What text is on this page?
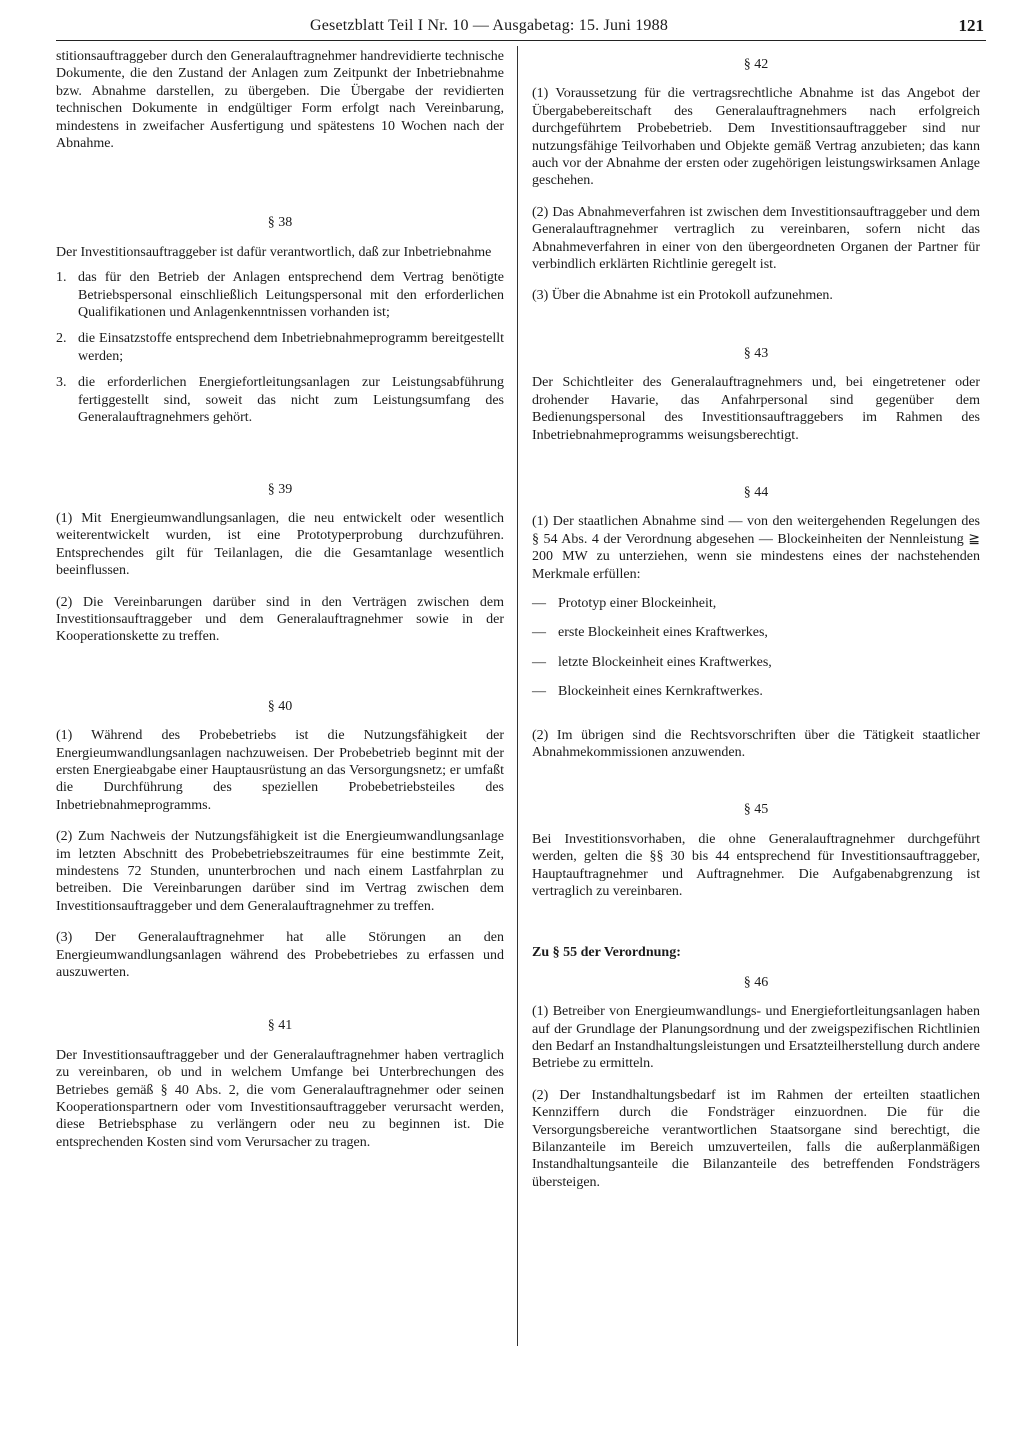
Gesetzblatt Teil I Nr. 10 — Ausgabetag: 15. Juni 1988	121

stitionsauftraggeber durch den Generalauftragnehmer handrevidierte technische Dokumente, die den Zustand der Anlagen zum Zeitpunkt der Inbetriebnahme bzw. Abnahme darstellen, zu übergeben. Die Übergabe der revidierten technischen Dokumente in endgültiger Form erfolgt nach Vereinbarung, mindestens in zweifacher Ausfertigung und spätestens 10 Wochen nach der Abnahme.

§ 38

Der Investitionsauftraggeber ist dafür verantwortlich, daß zur Inbetriebnahme

1. das für den Betrieb der Anlagen entsprechend dem Vertrag benötigte Betriebspersonal einschließlich Leitungspersonal mit den erforderlichen Qualifikationen und Anlagenkenntnissen vorhanden ist;
2. die Einsatzstoffe entsprechend dem Inbetriebnahmeprogramm bereitgestellt werden;
3. die erforderlichen Energiefortleitungsanlagen zur Leistungsabführung fertiggestellt sind, soweit das nicht zum Leistungsumfang des Generalauftragnehmers gehört.

§ 39

(1) Mit Energieumwandlungsanlagen, die neu entwickelt oder wesentlich weiterentwickelt wurden, ist eine Prototyperprobung durchzuführen. Entsprechendes gilt für Teilanlagen, die die Gesamtanlage wesentlich beeinflussen.

(2) Die Vereinbarungen darüber sind in den Verträgen zwischen dem Investitionsauftraggeber und dem Generalauftragnehmer sowie in der Kooperationskette zu treffen.

§ 40

(1) Während des Probebetriebs ist die Nutzungsfähigkeit der Energieumwandlungsanlagen nachzuweisen. Der Probebetrieb beginnt mit der ersten Energieabgabe einer Hauptausrüstung an das Versorgungsnetz; er umfaßt die Durchführung des speziellen Probebetriebsteiles des Inbetriebnahmeprogramms.

(2) Zum Nachweis der Nutzungsfähigkeit ist die Energieumwandlungsanlage im letzten Abschnitt des Probebetriebszeitraumes für eine bestimmte Zeit, mindestens 72 Stunden, ununterbrochen und nach einem Lastfahrplan zu betreiben. Die Vereinbarungen darüber sind im Vertrag zwischen dem Investitionsauftraggeber und dem Generalauftragnehmer zu treffen.

(3) Der Generalauftragnehmer hat alle Störungen an den Energieumwandlungsanlagen während des Probebetriebes zu erfassen und auszuwerten.

§ 41

Der Investitionsauftraggeber und der Generalauftragnehmer haben vertraglich zu vereinbaren, ob und in welchem Umfange bei Unterbrechungen des Betriebes gemäß § 40 Abs. 2, die vom Generalauftragnehmer oder seinen Kooperationspartnern oder vom Investitionsauftraggeber verursacht werden, diese Betriebsphase zu verlängern oder neu zu beginnen ist. Die entsprechenden Kosten sind vom Verursacher zu tragen.

§ 42

(1) Voraussetzung für die vertragsrechtliche Abnahme ist das Angebot der Übergabebereitschaft des Generalauftragnehmers nach erfolgreich durchgeführtem Probebetrieb. Dem Investitionsauftraggeber sind nur nutzungsfähige Teilvorhaben und Objekte gemäß Vertrag anzubieten; das kann auch vor der Abnahme der ersten oder zugehörigen leistungswirksamen Anlage geschehen.

(2) Das Abnahmeverfahren ist zwischen dem Investitionsauftraggeber und dem Generalauftragnehmer vertraglich zu vereinbaren, sofern nicht das Abnahmeverfahren in einer von den übergeordneten Organen der Partner für verbindlich erklärten Richtlinie geregelt ist.

(3) Über die Abnahme ist ein Protokoll aufzunehmen.

§ 43

Der Schichtleiter des Generalauftragnehmers und, bei eingetretener oder drohender Havarie, das Anfahrpersonal sind gegenüber dem Bedienungspersonal des Investitionsauftraggebers im Rahmen des Inbetriebnahmeprogramms weisungsberechtigt.

§ 44

(1) Der staatlichen Abnahme sind — von den weitergehenden Regelungen des § 54 Abs. 4 der Verordnung abgesehen — Blockeinheiten der Nennleistung ≧ 200 MW zu unterziehen, wenn sie mindestens eines der nachstehenden Merkmale erfüllen:

— Prototyp einer Blockeinheit,
— erste Blockeinheit eines Kraftwerkes,
— letzte Blockeinheit eines Kraftwerkes,
— Blockeinheit eines Kernkraftwerkes.

(2) Im übrigen sind die Rechtsvorschriften über die Tätigkeit staatlicher Abnahmekommissionen anzuwenden.

§ 45

Bei Investitionsvorhaben, die ohne Generalauftragnehmer durchgeführt werden, gelten die §§ 30 bis 44 entsprechend für Investitionsauftraggeber, Hauptauftragnehmer und Auftragnehmer. Die Aufgabenabgrenzung ist vertraglich zu vereinbaren.

Zu § 55 der Verordnung:

§ 46

(1) Betreiber von Energieumwandlungs- und Energiefortleitungsanlagen haben auf der Grundlage der Planungsordnung und der zweigspezifischen Richtlinien den Bedarf an Instandhaltungsleistungen und Ersatzteilherstellung durch andere Betriebe zu ermitteln.

(2) Der Instandhaltungsbedarf ist im Rahmen der erteilten staatlichen Kennziffern durch die Fondsträger einzuordnen. Die für die Versorgungsbereiche verantwortlichen Staatsorgane sind berechtigt, die Bilanzanteile im Bereich umzuverteilen, falls die außerplanmäßigen Instandhaltungsanteile die Bilanzanteile des betreffenden Fondsträgers übersteigen.
